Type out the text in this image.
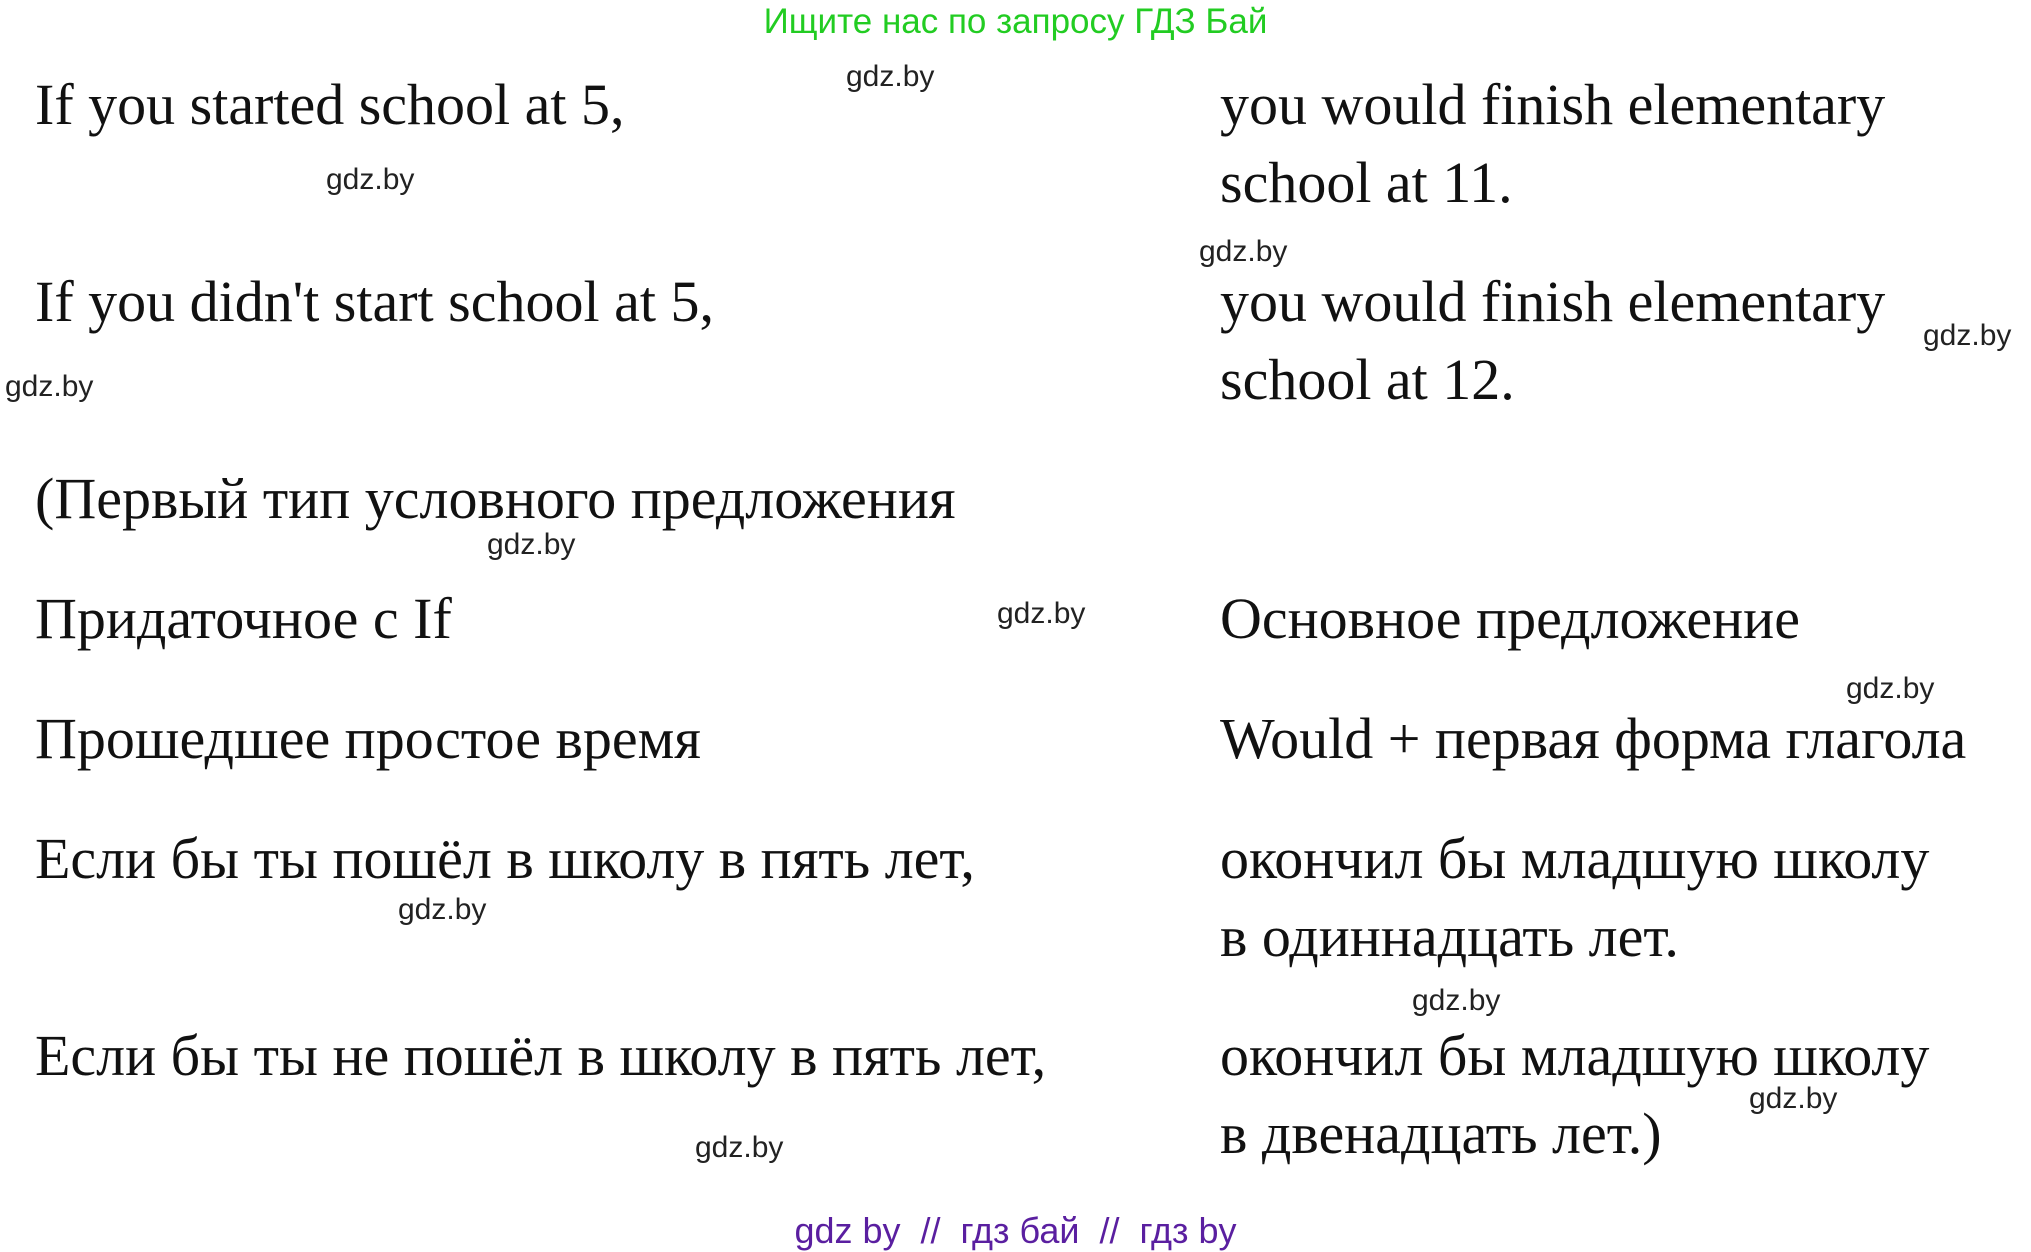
Ищите нас по запросу ГДЗ Бай
If you started school at 5,	you would finish elementary
school at 11.
If you didn't start school at 5,	you would finish elementary
school at 12.
(Первый тип условного предложения
Придаточное с If	Основное предложение
Прошедшее простое время	Would + первая форма глагола
Если бы ты пошёл в школу в пять лет,	окончил бы младшую школу
в одиннадцать лет.
Если бы ты не пошёл в школу в пять лет,	окончил бы младшую школу
в двенадцать лет.)
gdz.by
gdz.by
gdz.by
gdz.by
gdz.by
gdz.by
gdz.by
gdz.by
gdz.by
gdz.by
gdz.by
gdz.by
gdz by  //  гдз бай  //  гдз by
